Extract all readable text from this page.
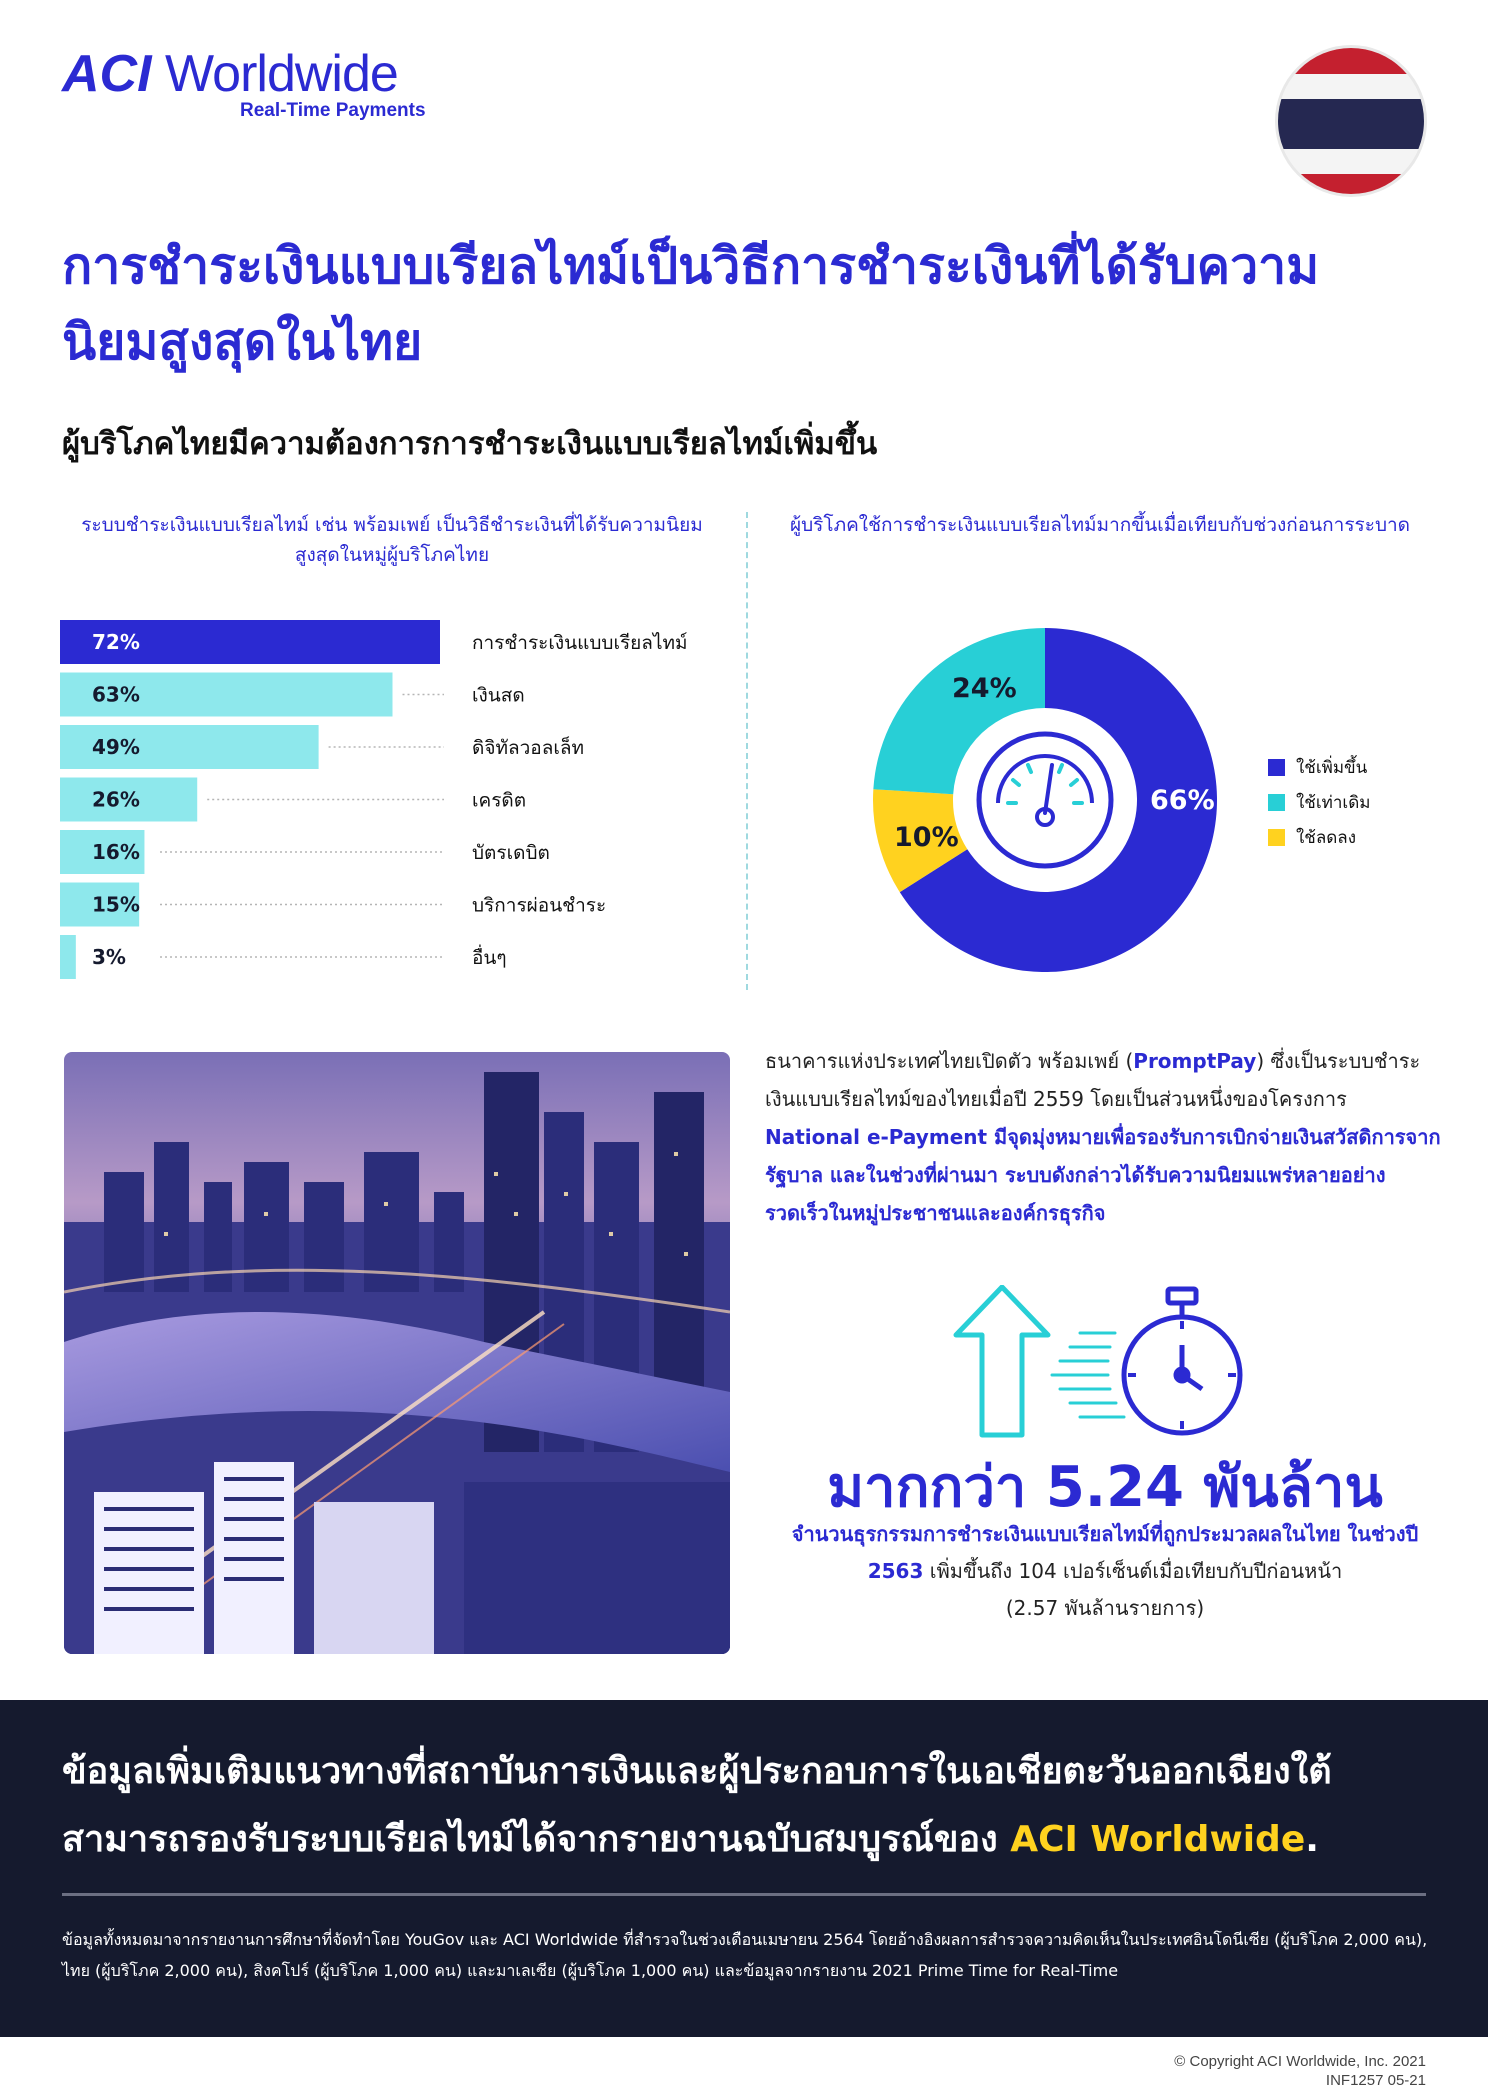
ACI Worldwide
Real-Time Payments
การชำระเงินแบบเรียลไทม์เป็นวิธีการชำระเงินที่ได้รับความนิยมสูงสุดในไทย
ผู้บริโภคไทยมีความต้องการการชำระเงินแบบเรียลไทม์เพิ่มขึ้น
ระบบชำระเงินแบบเรียลไทม์ เช่น พร้อมเพย์ เป็นวิธีชำระเงินที่ได้รับความนิยมสูงสุดในหมู่ผู้บริโภคไทย
ผู้บริโภคใช้การชำระเงินแบบเรียลไทม์มากขึ้นเมื่อเทียบกับช่วงก่อนการระบาด
72%	การชำระเงินแบบเรียลไทม์
63%	เงินสด
49%	ดิจิทัลวอลเล็ท
26%	เครดิต
16%	บัตรเดบิต
15%	บริการผ่อนชำระ
3%	อื่นๆ
66%
10%
24%
ใช้เพิ่มขึ้น
ใช้เท่าเดิม
ใช้ลดลง
ธนาคารแห่งประเทศไทยเปิดตัว พร้อมเพย์ (PromptPay) ซึ่งเป็นระบบชำระเงินแบบเรียลไทม์ของไทยเมื่อปี 2559 โดยเป็นส่วนหนึ่งของโครงการ National e-Payment มีจุดมุ่งหมายเพื่อรองรับการเบิกจ่ายเงินสวัสดิการจากรัฐบาล และในช่วงที่ผ่านมา ระบบดังกล่าวได้รับความนิยมแพร่หลายอย่างรวดเร็วในหมู่ประชาชนและองค์กรธุรกิจ
มากกว่า 5.24 พันล้าน
จำนวนธุรกรรมการชำระเงินแบบเรียลไทม์ที่ถูกประมวลผลในไทย ในช่วงปี 2563 เพิ่มขึ้นถึง 104 เปอร์เซ็นต์เมื่อเทียบกับปีก่อนหน้า
(2.57 พันล้านรายการ)
ข้อมูลเพิ่มเติมแนวทางที่สถาบันการเงินและผู้ประกอบการในเอเชียตะวันออกเฉียงใต้สามารถรองรับระบบเรียลไทม์ได้จากรายงานฉบับสมบูรณ์ของ ACI Worldwide.
ข้อมูลทั้งหมดมาจากรายงานการศึกษาที่จัดทำโดย YouGov และ ACI Worldwide ที่สำรวจในช่วงเดือนเมษายน 2564 โดยอ้างอิงผลการสำรวจความคิดเห็นในประเทศอินโดนีเซีย (ผู้บริโภค 2,000 คน), ไทย (ผู้บริโภค 2,000 คน), สิงคโปร์ (ผู้บริโภค 1,000 คน) และมาเลเซีย (ผู้บริโภค 1,000 คน) และข้อมูลจากรายงาน 2021 Prime Time for Real-Time
© Copyright ACI Worldwide, Inc. 2021
INF1257 05-21
